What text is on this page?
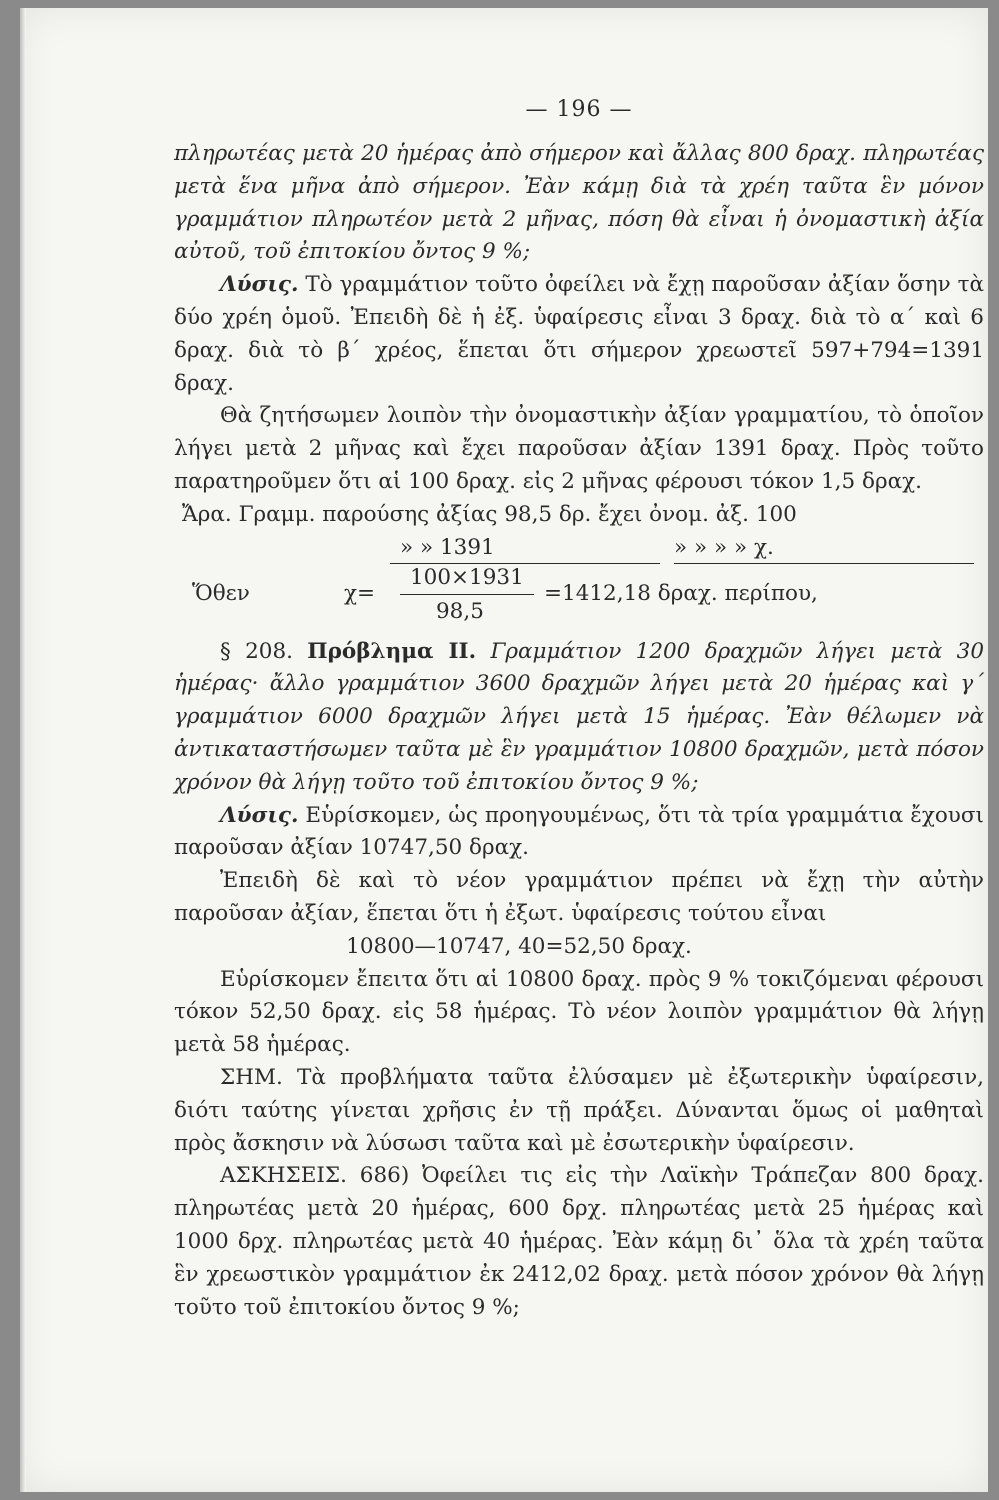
— 196 —
πληρωτέας μετὰ 20 ἡμέρας ἀπὸ σήμερον καὶ ἄλλας 800 δραχ. πληρωτέας μετὰ ἕνα μῆνα ἀπὸ σήμερον. Ἐὰν κάμῃ διὰ τὰ χρέη ταῦτα ἓν μόνον γραμμάτιον πληρωτέον μετὰ 2 μῆνας, πόση θὰ εἶναι ἡ ὀνομαστικὴ ἀξία αὐτοῦ, τοῦ ἐπιτοκίου ὄντος 9 %;
Λύσις. Τὸ γραμμάτιον τοῦτο ὀφείλει νὰ ἔχῃ παροῦσαν ἀξίαν ὅσην τὰ δύο χρέη ὁμοῦ. Ἐπειδὴ δὲ ἡ ἐξ. ὑφαίρεσις εἶναι 3 δραχ. διὰ τὸ α΄ καὶ 6 δραχ. διὰ τὸ β΄ χρέος, ἕπεται ὅτι σήμερον χρεωστεῖ 597+794=1391 δραχ.
Θὰ ζητήσωμεν λοιπὸν τὴν ὀνομαστικὴν ἀξίαν γραμματίου, τὸ ὁποῖον λήγει μετὰ 2 μῆνας καὶ ἔχει παροῦσαν ἀξίαν 1391 δραχ. Πρὸς τοῦτο παρατηροῦμεν ὅτι αἱ 100 δραχ. εἰς 2 μῆνας φέρουσι τόκον 1,5 δραχ.
Ἄρα. Γραμμ. παρούσης ἀξίας 98,5 δρ. ἔχει ὀνομ. ἀξ. 100
» » 1391	» » » » χ.
Ὅθεν	χ=
100×1931
98,5
=1412,18 δραχ. περίπου,
§ 208. Πρόβλημα II. Γραμμάτιον 1200 δραχμῶν λήγει μετὰ 30 ἡμέρας· ἄλλο γραμμάτιον 3600 δραχμῶν λήγει μετὰ 20 ἡμέρας καὶ γ΄ γραμμάτιον 6000 δραχμῶν λήγει μετὰ 15 ἡμέρας. Ἐὰν θέλωμεν νὰ ἀντικαταστήσωμεν ταῦτα μὲ ἓν γραμμάτιον 10800 δραχμῶν, μετὰ πόσον χρόνον θὰ λήγῃ τοῦτο τοῦ ἐπιτοκίου ὄντος 9 %;
Λύσις. Εὑρίσκομεν, ὡς προηγουμένως, ὅτι τὰ τρία γραμμάτια ἔχουσι παροῦσαν ἀξίαν 10747,50 δραχ.
Ἐπειδὴ δὲ καὶ τὸ νέον γραμμάτιον πρέπει νὰ ἔχῃ τὴν αὐτὴν παροῦσαν ἀξίαν, ἕπεται ὅτι ἡ ἐξωτ. ὑφαίρεσις τούτου εἶναι
10800—10747, 40=52,50 δραχ.
Εὑρίσκομεν ἔπειτα ὅτι αἱ 10800 δραχ. πρὸς 9 % τοκιζόμεναι φέρουσι τόκον 52,50 δραχ. εἰς 58 ἡμέρας. Τὸ νέον λοιπὸν γραμμάτιον θὰ λήγῃ μετὰ 58 ἡμέρας.
ΣΗΜ. Τὰ προβλήματα ταῦτα ἐλύσαμεν μὲ ἐξωτερικὴν ὑφαίρεσιν, διότι ταύτης γίνεται χρῆσις ἐν τῇ πράξει. Δύνανται ὅμως οἱ μαθηταὶ πρὸς ἄσκησιν νὰ λύσωσι ταῦτα καὶ μὲ ἐσωτερικὴν ὑφαίρεσιν.
ΑΣΚΗΣΕΙΣ. 686) Ὀφείλει τις εἰς τὴν Λαϊκὴν Τράπεζαν 800 δραχ. πληρωτέας μετὰ 20 ἡμέρας, 600 δρχ. πληρωτέας μετὰ 25 ἡμέρας καὶ 1000 δρχ. πληρωτέας μετὰ 40 ἡμέρας. Ἐὰν κάμῃ δι᾽ ὅλα τὰ χρέη ταῦτα ἓν χρεωστικὸν γραμμάτιον ἐκ 2412,02 δραχ. μετὰ πόσον χρόνον θὰ λήγῃ τοῦτο τοῦ ἐπιτοκίου ὄντος 9 %;
